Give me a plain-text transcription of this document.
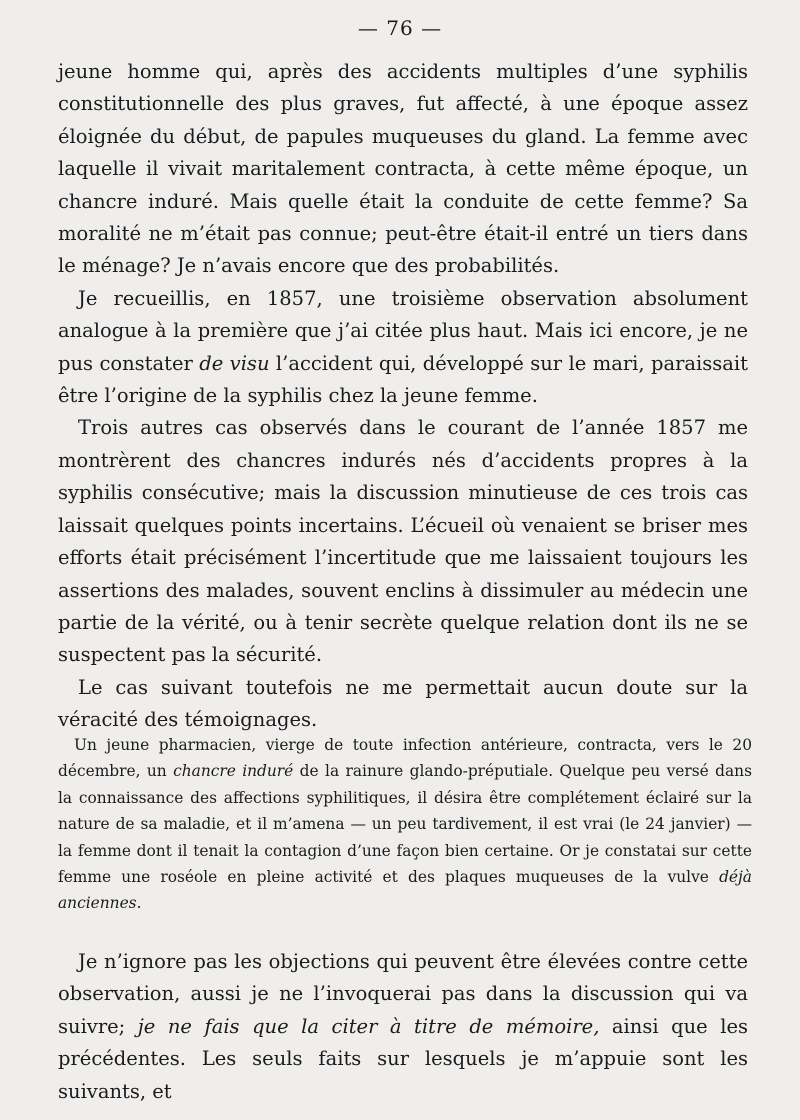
— 76 —

jeune homme qui, après des accidents multiples d’une syphilis constitutionnelle des plus graves, fut affecté, à une époque assez éloignée du début, de papules muqueuses du gland. La femme avec laquelle il vivait maritalement contracta, à cette même époque, un chancre induré. Mais quelle était la conduite de cette femme? Sa moralité ne m’était pas connue; peut-être était-il entré un tiers dans le ménage? Je n’avais encore que des probabilités.

Je recueillis, en 1857, une troisième observation absolument analogue à la première que j’ai citée plus haut. Mais ici encore, je ne pus constater de visu l’accident qui, développé sur le mari, paraissait être l’origine de la syphilis chez la jeune femme.

Trois autres cas observés dans le courant de l’année 1857 me montrèrent des chancres indurés nés d’accidents propres à la syphilis consécutive; mais la discussion minutieuse de ces trois cas laissait quelques points incertains. L’écueil où venaient se briser mes efforts était précisément l’incertitude que me laissaient toujours les assertions des malades, souvent enclins à dissimuler au médecin une partie de la vérité, ou à tenir secrète quelque relation dont ils ne se suspectent pas la sécurité.

Le cas suivant toutefois ne me permettait aucun doute sur la véracité des témoignages.

Un jeune pharmacien, vierge de toute infection antérieure, contracta, vers le 20 décembre, un chancre induré de la rainure glando-préputiale. Quelque peu versé dans la connaissance des affections syphilitiques, il désira être complétement éclairé sur la nature de sa maladie, et il m’amena — un peu tardivement, il est vrai (le 24 janvier) — la femme dont il tenait la contagion d’une façon bien certaine. Or je constatai sur cette femme une roséole en pleine activité et des plaques muqueuses de la vulve déjà anciennes.

Je n’ignore pas les objections qui peuvent être élevées contre cette observation, aussi je ne l’invoquerai pas dans la discussion qui va suivre; je ne fais que la citer à titre de mémoire, ainsi que les précédentes. Les seuls faits sur lesquels je m’appuie sont les suivants, et
